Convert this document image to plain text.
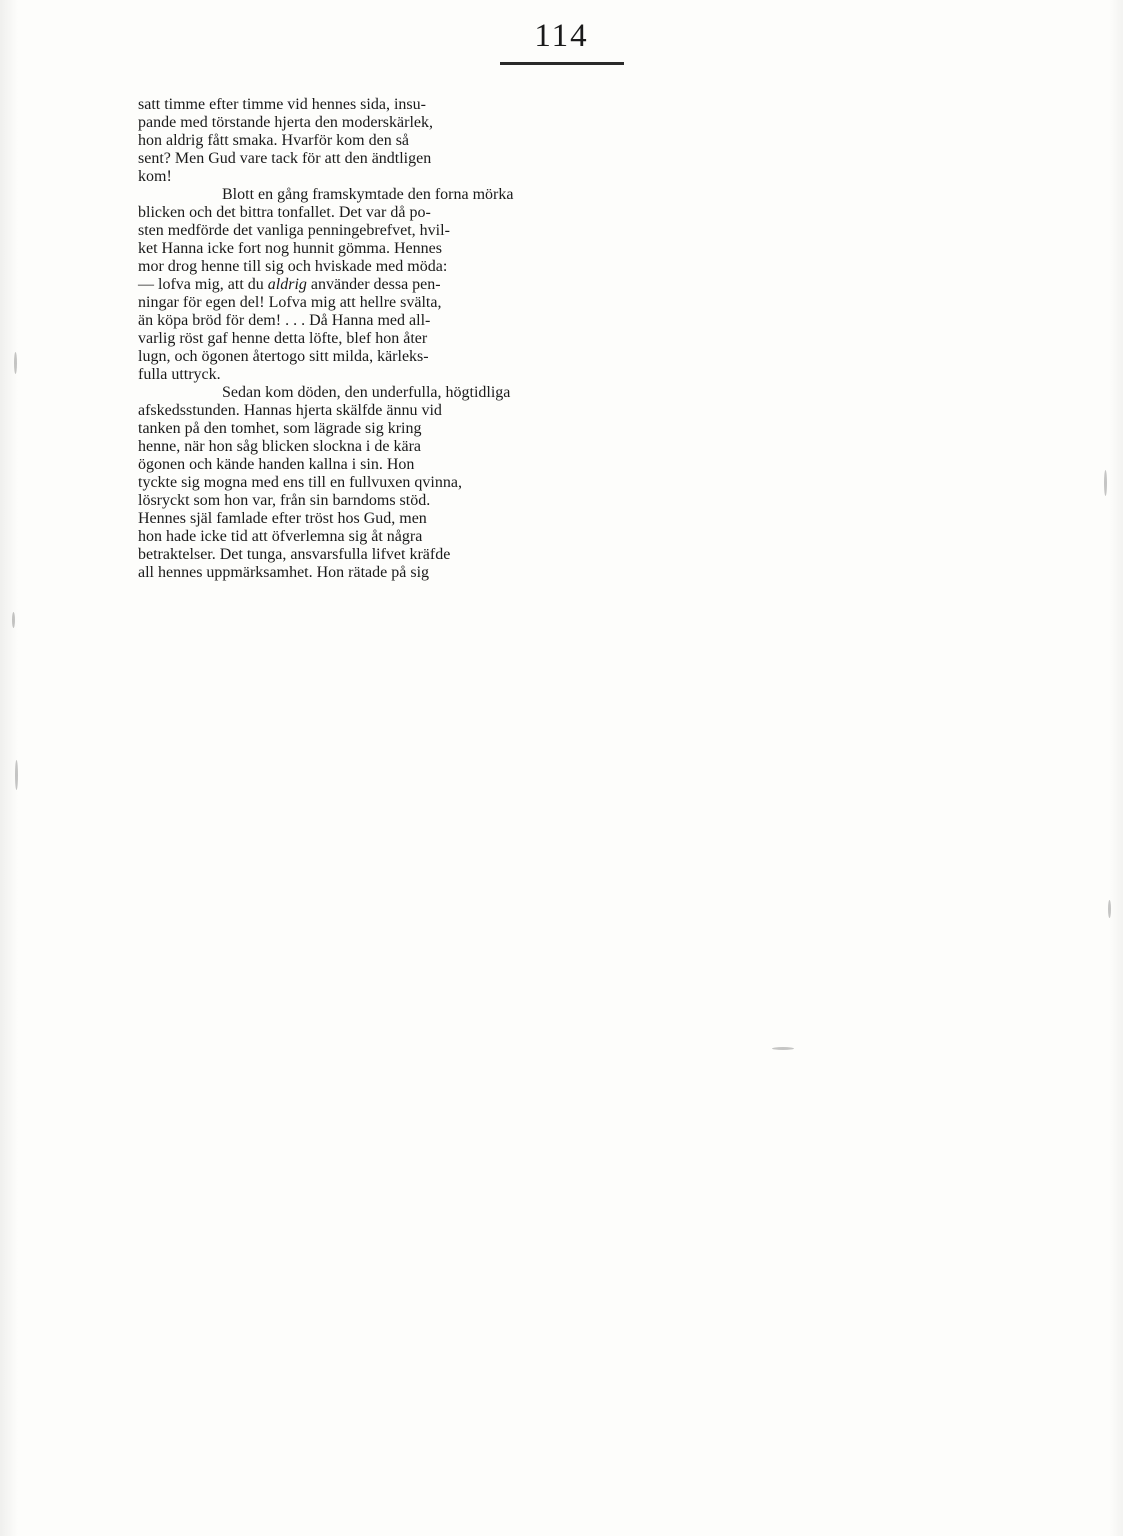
114
satt timme efter timme vid hennes sida, insu-
pande med törstande hjerta den moderskärlek,
hon aldrig fått smaka. Hvarför kom den så
sent? Men Gud vare tack för att den ändtligen
kom!
Blott en gång framskymtade den forna mörka
blicken och det bittra tonfallet. Det var då po-
sten medförde det vanliga penningebrefvet, hvil-
ket Hanna icke fort nog hunnit gömma. Hennes
mor drog henne till sig och hviskade med möda:
— lofva mig, att du aldrig använder dessa pen-
ningar för egen del! Lofva mig att hellre svälta,
än köpa bröd för dem! . . . Då Hanna med all-
varlig röst gaf henne detta löfte, blef hon åter
lugn, och ögonen återtogo sitt milda, kärleks-
fulla uttryck.
Sedan kom döden, den underfulla, högtidliga
afskedsstunden. Hannas hjerta skälfde ännu vid
tanken på den tomhet, som lägrade sig kring
henne, när hon såg blicken slockna i de kära
ögonen och kände handen kallna i sin. Hon
tyckte sig mogna med ens till en fullvuxen qvinna,
lösryckt som hon var, från sin barndoms stöd.
Hennes själ famlade efter tröst hos Gud, men
hon hade icke tid att öfverlemna sig åt några
betraktelser. Det tunga, ansvarsfulla lifvet kräfde
all hennes uppmärksamhet. Hon rätade på sig
